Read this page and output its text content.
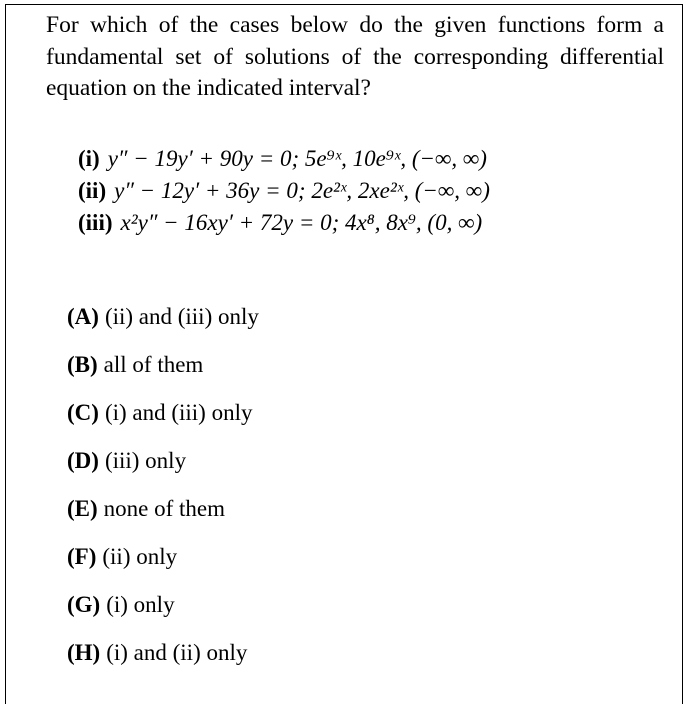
For which of the cases below do the given functions form a fundamental set of solutions of the corresponding differential equation on the indicated interval?
(i) y″ − 19y′ + 90y = 0; 5e⁹ˣ, 10e⁹ˣ, (−∞, ∞)
(ii) y″ − 12y′ + 36y = 0; 2e²ˣ, 2xe²ˣ, (−∞, ∞)
(iii) x²y″ − 16xy′ + 72y = 0; 4x⁸, 8x⁹, (0, ∞)
(A) (ii) and (iii) only
(B) all of them
(C) (i) and (iii) only
(D) (iii) only
(E) none of them
(F) (ii) only
(G) (i) only
(H) (i) and (ii) only
